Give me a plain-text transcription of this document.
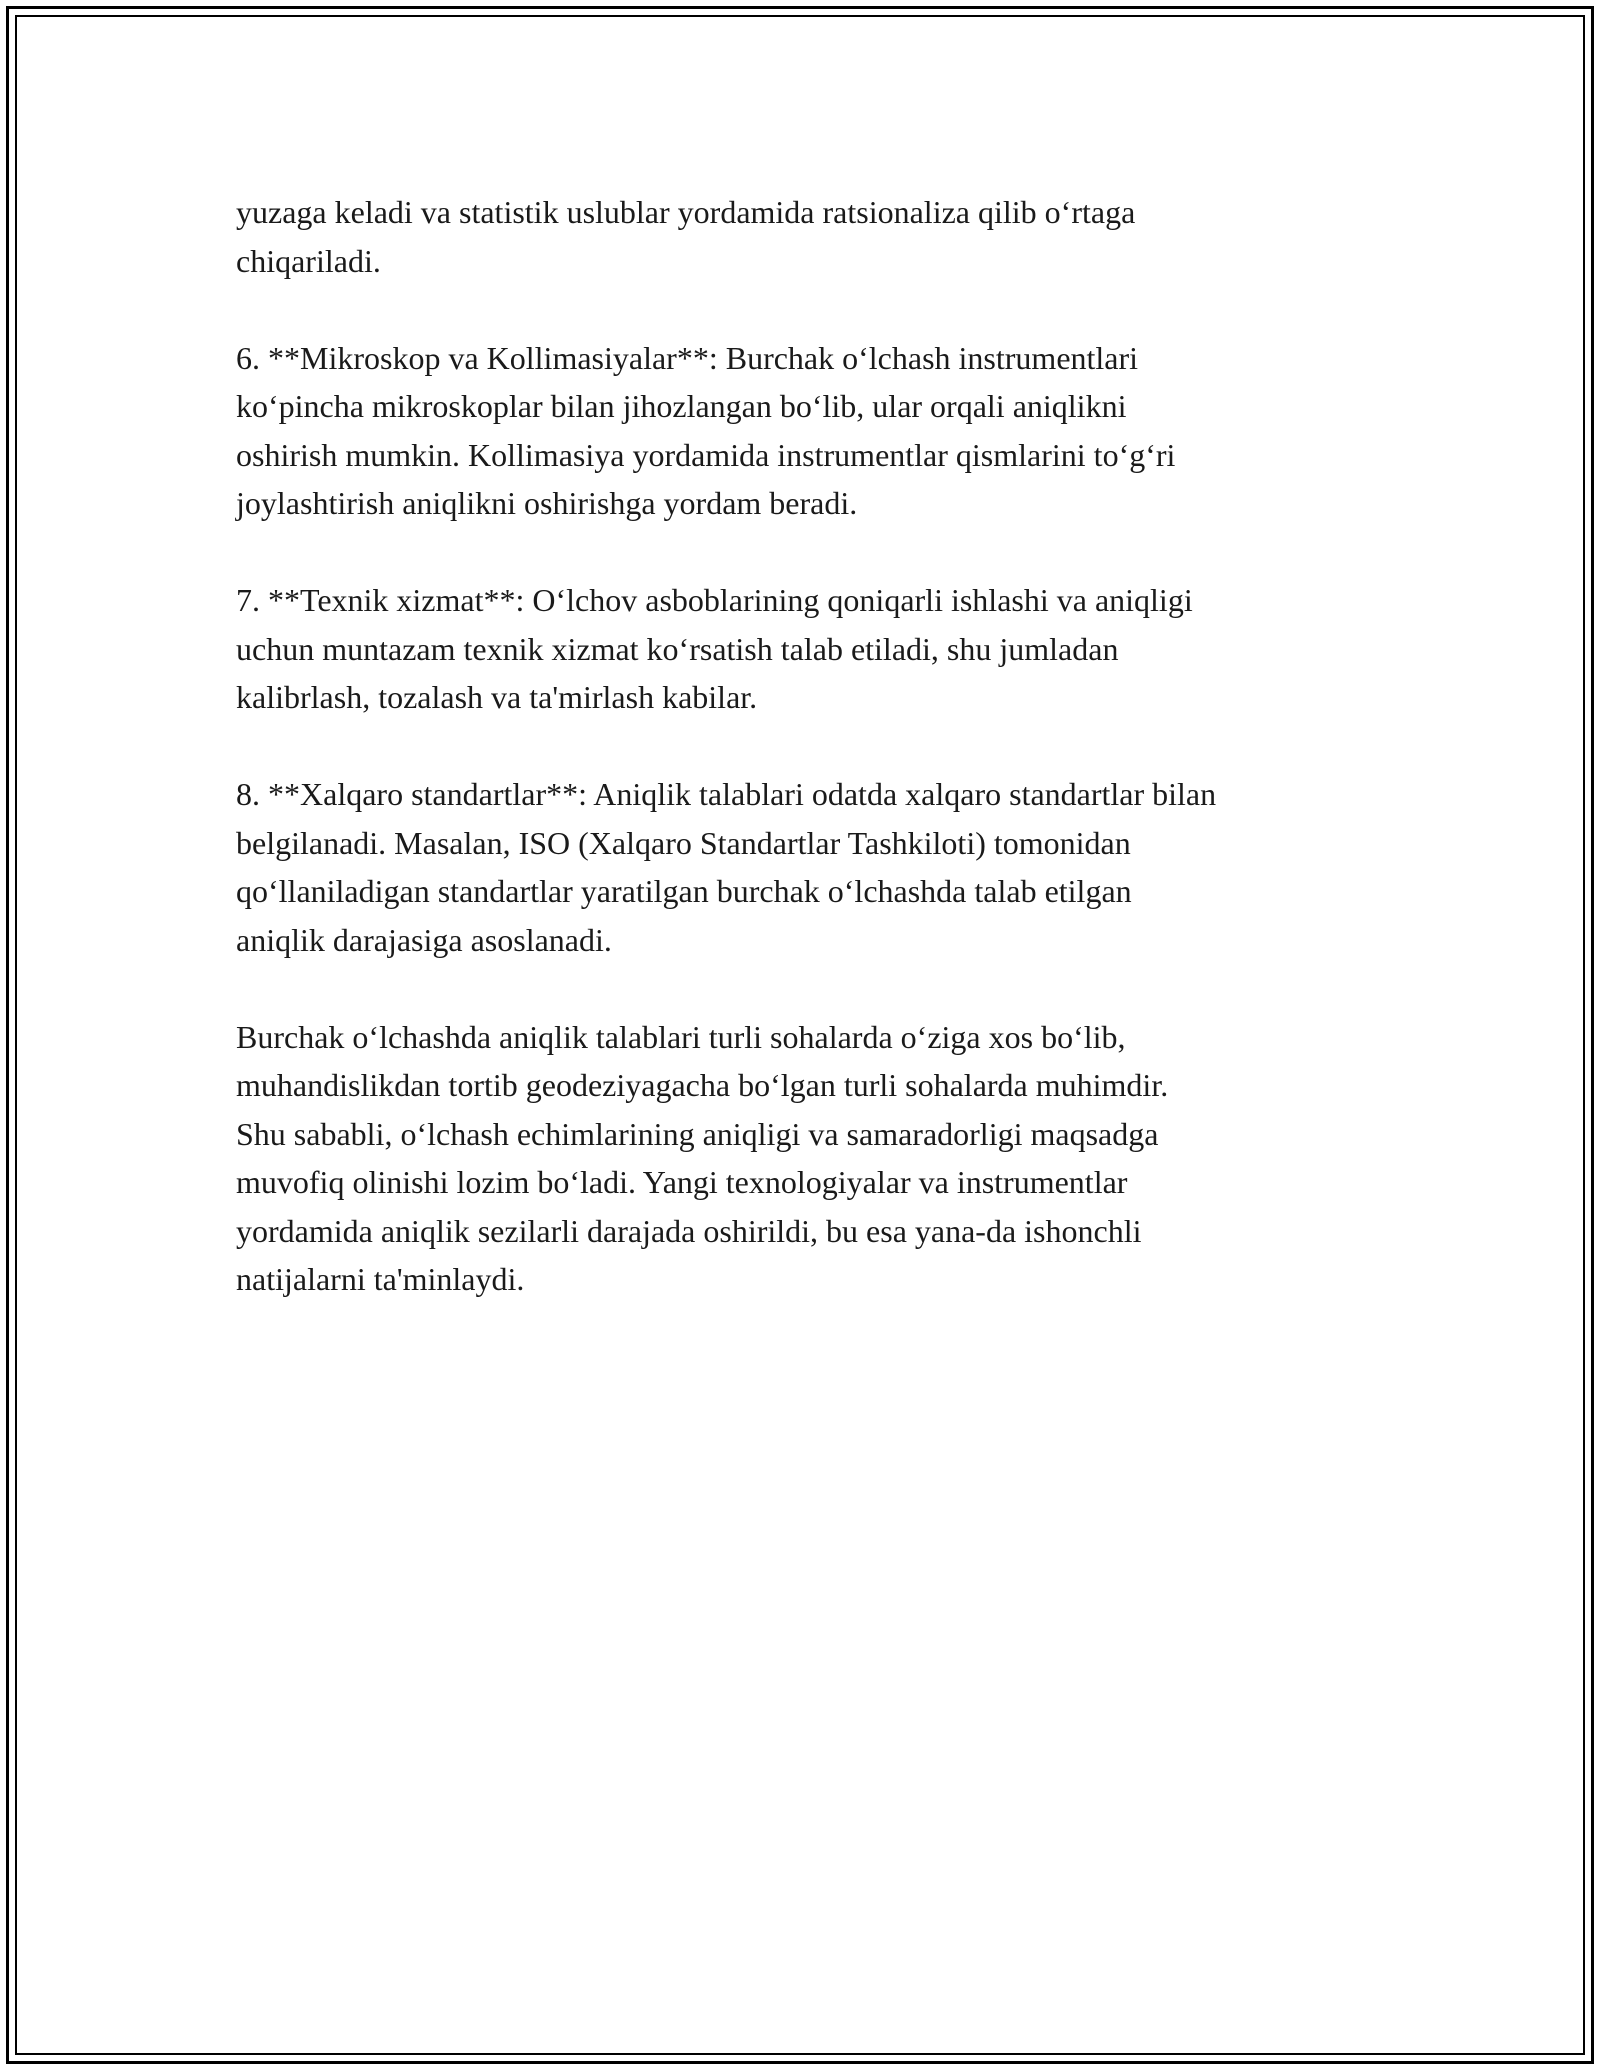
yuzaga keladi va statistik uslublar yordamida ratsionaliza qilib o‘rtaga
chiqariladi.

6. **Mikroskop va Kollimasiyalar**: Burchak o‘lchash instrumentlari
ko‘pincha mikroskoplar bilan jihozlangan bo‘lib, ular orqali aniqlikni
oshirish mumkin. Kollimasiya yordamida instrumentlar qismlarini to‘g‘ri
joylashtirish aniqlikni oshirishga yordam beradi.

7. **Texnik xizmat**: O‘lchov asboblarining qoniqarli ishlashi va aniqligi
uchun muntazam texnik xizmat ko‘rsatish talab etiladi, shu jumladan
kalibrlash, tozalash va ta'mirlash kabilar.

8. **Xalqaro standartlar**: Aniqlik talablari odatda xalqaro standartlar bilan
belgilanadi. Masalan, ISO (Xalqaro Standartlar Tashkiloti) tomonidan
qo‘llaniladigan standartlar yaratilgan burchak o‘lchashda talab etilgan
aniqlik darajasiga asoslanadi.

Burchak o‘lchashda aniqlik talablari turli sohalarda o‘ziga xos bo‘lib,
muhandislikdan tortib geodeziyagacha bo‘lgan turli sohalarda muhimdir.
Shu sababli, o‘lchash echimlarining aniqligi va samaradorligi maqsadga
muvofiq olinishi lozim bo‘ladi. Yangi texnologiyalar va instrumentlar
yordamida aniqlik sezilarli darajada oshirildi, bu esa yana-da ishonchli
natijalarni ta'minlaydi.
